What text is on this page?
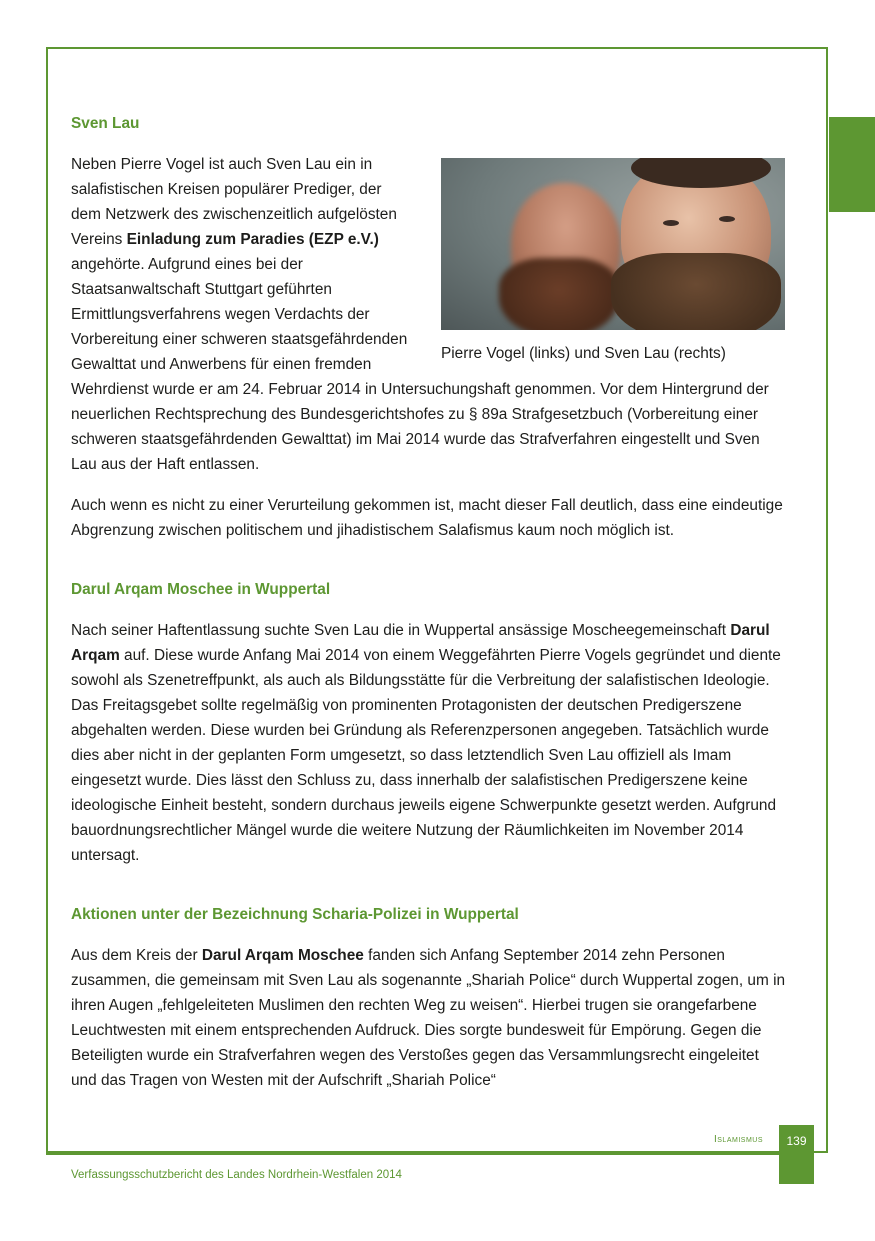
Sven Lau
Pierre Vogel (links) und Sven Lau (rechts)

Neben Pierre Vogel ist auch Sven Lau ein in salafistischen Kreisen populärer Prediger, der dem Netzwerk des zwischenzeitlich aufgelösten Vereins Einladung zum Paradies (EZP e.V.) angehörte. Aufgrund eines bei der Staatsanwaltschaft Stuttgart geführten Ermittlungsverfahrens wegen Verdachts der Vorbereitung einer schweren staatsgefährdenden Gewalttat und Anwerbens für einen fremden Wehrdienst wurde er am 24. Februar 2014 in Untersuchungshaft genommen. Vor dem Hintergrund der neuerlichen Rechtsprechung des Bundesgerichtshofes zu § 89a Strafgesetzbuch (Vorbereitung einer schweren staatsgefährdenden Gewalttat) im Mai 2014 wurde das Strafverfahren eingestellt und Sven Lau aus der Haft entlassen.

Auch wenn es nicht zu einer Verurteilung gekommen ist, macht dieser Fall deutlich, dass eine eindeutige Abgrenzung zwischen politischem und jihadistischem Salafismus kaum noch möglich ist.

Darul Arqam Moschee in Wuppertal

Nach seiner Haftentlassung suchte Sven Lau die in Wuppertal ansässige Moscheegemeinschaft Darul Arqam auf. Diese wurde Anfang Mai 2014 von einem Weggefährten Pierre Vogels gegründet und diente sowohl als Szenetreffpunkt, als auch als Bildungsstätte für die Verbreitung der salafistischen Ideologie. Das Freitagsgebet sollte regelmäßig von prominenten Protagonisten der deutschen Predigerszene abgehalten werden. Diese wurden bei Gründung als Referenzpersonen angegeben. Tatsächlich wurde dies aber nicht in der geplanten Form umgesetzt, so dass letztendlich Sven Lau offiziell als Imam eingesetzt wurde. Dies lässt den Schluss zu, dass innerhalb der salafistischen Predigerszene keine ideologische Einheit besteht, sondern durchaus jeweils eigene Schwerpunkte gesetzt werden. Aufgrund bauordnungsrechtlicher Mängel wurde die weitere Nutzung der Räumlichkeiten im November 2014 untersagt.

Aktionen unter der Bezeichnung Scharia-Polizei in Wuppertal

Aus dem Kreis der Darul Arqam Moschee fanden sich Anfang September 2014 zehn Personen zusammen, die gemeinsam mit Sven Lau als sogenannte „Shariah Police“ durch Wuppertal zogen, um in ihren Augen „fehlgeleiteten Muslimen den rechten Weg zu weisen“. Hierbei trugen sie orangefarbene Leuchtwesten mit einem entsprechenden Aufdruck. Dies sorgte bundesweit für Empörung. Gegen die Beteiligten wurde ein Strafverfahren wegen des Verstoßes gegen das Versammlungsrecht eingeleitet und das Tragen von Westen mit der Aufschrift „Shariah Police“

Islamismus	139
Verfassungsschutzbericht des Landes Nordrhein-Westfalen 2014
